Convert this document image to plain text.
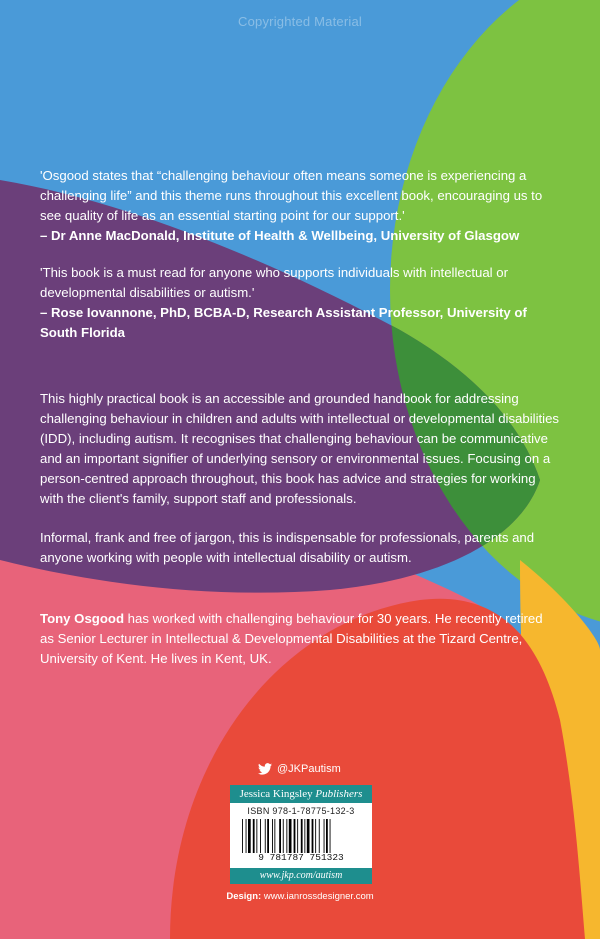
Copyrighted Material

'Osgood states that “challenging behaviour often means someone is experiencing a challenging life” and this theme runs throughout this excellent book, encouraging us to see quality of life as an essential starting point for our support.'

– Dr Anne MacDonald, Institute of Health & Wellbeing, University of Glasgow

'This book is a must read for anyone who supports individuals with intellectual or developmental disabilities or autism.'

– Rose Iovannone, PhD, BCBA-D, Research Assistant Professor, University of South Florida

This highly practical book is an accessible and grounded handbook for addressing challenging behaviour in children and adults with intellectual or developmental disabilities (IDD), including autism. It recognises that challenging behaviour can be communicative and an important signifier of underlying sensory or environmental issues. Focusing on a person-centred approach throughout, this book has advice and strategies for working with the client's family, support staff and professionals.

Informal, frank and free of jargon, this is indispensable for professionals, parents and anyone working with people with intellectual disability or autism.

Tony Osgood has worked with challenging behaviour for 30 years. He recently retired as Senior Lecturer in Intellectual & Developmental Disabilities at the Tizard Centre, University of Kent. He lives in Kent, UK.

@JKPautism
Jessica Kingsley Publishers
ISBN 978-1-78775-132-3
9 781787 751323
www.jkp.com/autism
Design: www.ianrossdesigner.com
